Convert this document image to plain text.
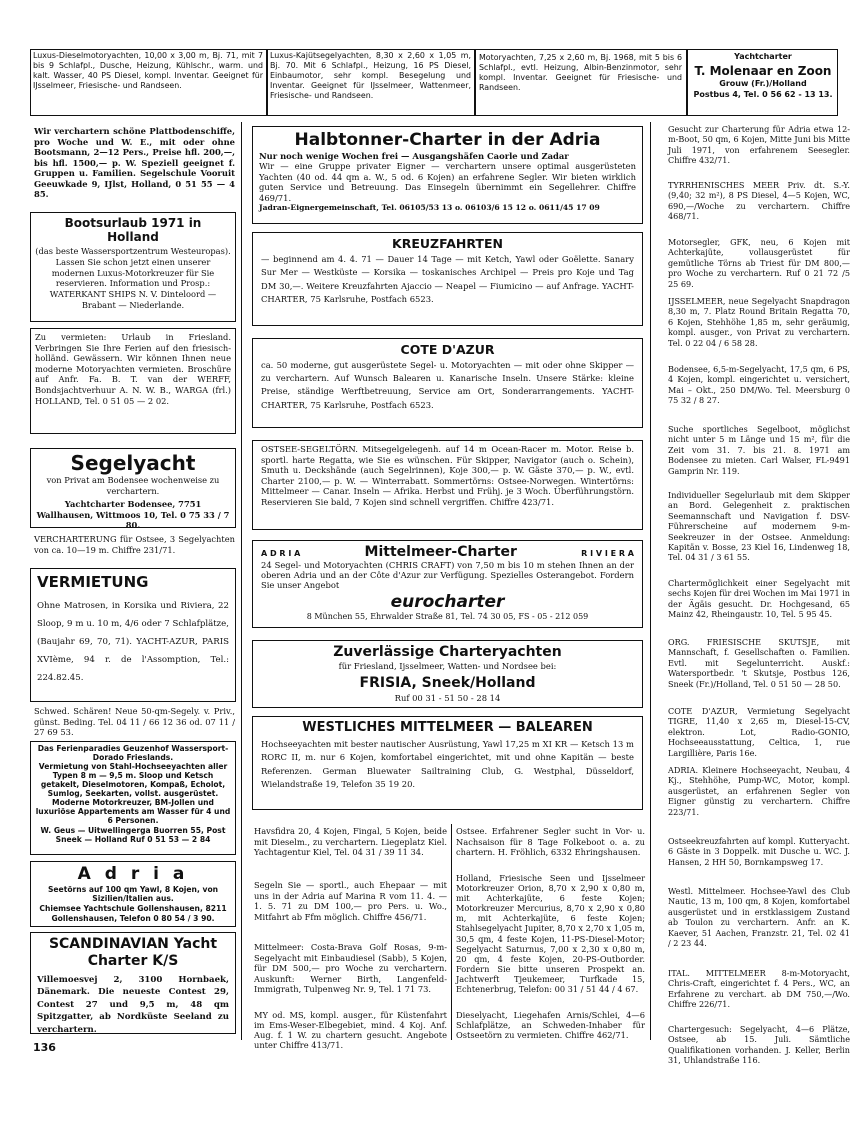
Luxus-Dieselmotoryachten, 10,00 x 3,00 m, Bj. 71, mit 7 bis 9 Schlafpl., Dusche, Heizung, Kühlschr., warm. und kalt. Wasser, 40 PS Diesel, kompl. Inventar. Geeignet für IJsselmeer, Friesische- und Randseen.
Luxus-Kajütsegelyachten, 8,30 x 2,60 x 1,05 m, Bj. 70. Mit 6 Schlafpl., Heizung, 16 PS Diesel, Einbaumotor, sehr kompl. Besegelung und Inventar. Geeignet für IJsselmeer, Wattenmeer, Friesische- und Randseen.
Motoryachten, 7,25 x 2,60 m, Bj. 1968, mit 5 bis 6 Schlafpl., evtl. Heizung, Albin-Benzinmotor, sehr kompl. Inventar. Geeignet für Friesische- und Randseen.
Yachtcharter
T. Molenaar en Zoon
Grouw (Fr.)/Holland
Postbus 4, Tel. 0 56 62 - 13 13.
Wir verchartern schöne Plattbodenschiffe, pro Woche und W. E., mit oder ohne Bootsmann, 2—12 Pers., Preise hfl. 200,—, bis hfl. 1500,— p. W. Speziell geeignet f. Gruppen u. Familien. Segelschule Vooruit Geeuwkade 9, IJlst, Holland, 0 51 55 — 4 85.
Bootsurlaub 1971 in Holland
(das beste Wassersportzentrum Westeuropas). Lassen Sie schon jetzt einen unserer modernen Luxus-Motorkreuzer für Sie reservieren. Information und Prosp.: WATERKANT SHIPS N. V. Dinteloord — Brabant — Niederlande.
Zu vermieten: Urlaub in Friesland. Verbringen Sie Ihre Ferien auf den friesisch-holländ. Gewässern. Wir können Ihnen neue moderne Motoryachten vermieten. Broschüre auf Anfr. Fa. B. T. van der WERFF, Bondsjachtverhuur A. N. W. B., WARGA (frl.) HOLLAND, Tel. 0 51 05 — 2 02.
Segelyacht
von Privat am Bodensee wochenweise zu verchartern.
Yachtcharter Bodensee, 7751 Wallhausen, Wittmoos 10, Tel. 0 75 33 / 7 80.
VERCHARTERUNG für Ostsee, 3 Segelyachten von ca. 10—19 m. Chiffre 231/71.
VERMIETUNG
Ohne Matrosen, in Korsika und Riviera, 22 Sloop, 9 m u. 10 m, 4/6 oder 7 Schlafplätze, (Baujahr 69, 70, 71). YACHT-AZUR, PARIS XVIème, 94 r. de l'Assomption, Tel.: 224.82.45.
Schwed. Schären! Neue 50-qm-Segely. v. Priv., günst. Beding. Tel. 04 11 / 66 12 36 od. 07 11 / 27 69 53.
Das Ferienparadies Geuzenhof Wassersport-Dorado Frieslands.
Vermietung von Stahl-Hochseeyachten aller Typen 8 m — 9,5 m. Sloop und Ketsch getakelt, Dieselmotoren, Kompaß, Echolot, Sumlog, Seekarten, vollst. ausgerüstet. Moderne Motorkreuzer, BM-Jollen und luxuriöse Appartements am Wasser für 4 und 6 Personen.
W. Geus — Uitwellingerga Buorren 55, Post Sneek — Holland Ruf 0 51 53 — 2 84
A d r i a
Seetörns auf 100 qm Yawl, 8 Kojen, von Sizilien/Italien aus.
Chiemsee Yachtschule Gollenshausen, 8211 Gollenshausen, Telefon 0 80 54 / 3 90.
SCANDINAVIAN Yacht Charter K/S
Villemoesvej 2, 3100 Hornbaek, Dänemark. Die neueste Contest 29, Contest 27 und 9,5 m, 48 qm Spitzgatter, ab Nordküste Seeland zu verchartern.
136
Halbtonner-Charter in der Adria
Nur noch wenige Wochen frei — Ausgangshäfen Caorle und Zadar
Wir — eine Gruppe privater Eigner — verchartern unsere optimal ausgerüsteten Yachten (40 od. 44 qm a. W., 5 od. 6 Kojen) an erfahrene Segler. Wir bieten wirklich guten Service und Betreuung. Das Einsegeln übernimmt ein Segellehrer. Chiffre 469/71.
Jadran-Eignergemeinschaft, Tel. 06105/53 13 o. 06103/6 15 12 o. 0611/45 17 09
KREUZFAHRTEN
— beginnend am 4. 4. 71 — Dauer 14 Tage — mit Ketch, Yawl oder Goëlette. Sanary Sur Mer — Westküste — Korsika — toskanisches Archipel — Preis pro Koje und Tag DM 30,—. Weitere Kreuzfahrten Ajaccio — Neapel — Fiumicino — auf Anfrage. YACHT-CHARTER, 75 Karlsruhe, Postfach 6523.
COTE D'AZUR
ca. 50 moderne, gut ausgerüstete Segel- u. Motoryachten — mit oder ohne Skipper — zu verchartern. Auf Wunsch Balearen u. Kanarische Inseln. Unsere Stärke: kleine Preise, ständige Werftbetreuung, Service am Ort, Sonderarrangements. YACHT-CHARTER, 75 Karlsruhe, Postfach 6523.
OSTSEE-SEGELTÖRN. Mitsegelgelegenh. auf 14 m Ocean-Racer m. Motor. Reise b. sportl. harte Regatta, wie Sie es wünschen. Für Skipper, Navigator (auch o. Schein), Smuth u. Deckshände (auch Segelrinnen), Koje 300,— p. W. Gäste 370,— p. W., evtl. Charter 2100,— p. W. — Winterrabatt. Sommertörns: Ostsee-Norwegen. Wintertörns: Mittelmeer — Canar. Inseln — Afrika. Herbst und Frühj. je 3 Woch. Überführungstörn. Reservieren Sie bald, 7 Kojen sind schnell vergriffen. Chiffre 423/71.
A D R I A	Mittelmeer-Charter	R I V I E R A
24 Segel- und Motoryachten (CHRIS CRAFT) von 7,50 m bis 10 m stehen Ihnen an der oberen Adria und an der Côte d'Azur zur Verfügung. Spezielles Osterangebot. Fordern Sie unser Angebot
eurocharter
8 München 55, Ehrwalder Straße 81, Tel. 74 30 05, FS - 05 - 212 059
Zuverlässige Charteryachten
für Friesland, Ijsselmeer, Watten- und Nordsee bei:
FRISIA, Sneek/Holland
Ruf 00 31 - 51 50 - 28 14
WESTLICHES MITTELMEER — BALEAREN
Hochseeyachten mit bester nautischer Ausrüstung, Yawl 17,25 m XI KR — Ketsch 13 m RORC II, m. nur 6 Kojen, komfortabel eingerichtet, mit und ohne Kapitän — beste Referenzen. German Bluewater Sailtraining Club, G. Westphal, Düsseldorf, Wielandstraße 19, Telefon 35 19 20.
Havsfidra 20, 4 Kojen, Fingal, 5 Kojen, beide mit Dieselm., zu verchartern. Liegeplatz Kiel. Yachtagentur Kiel, Tel. 04 31 / 39 11 34.
Segeln Sie — sportl., auch Ehepaar — mit uns in der Adria auf Marina R vom 11. 4. — 1. 5. 71 zu DM 100,— pro Pers. u. Wo., Mitfahrt ab Ffm möglich. Chiffre 456/71.
Mittelmeer: Costa-Brava Golf Rosas, 9-m-Segelyacht mit Einbaudiesel (Sabb), 5 Kojen, für DM 500,— pro Woche zu verchartern. Auskunft: Werner Birth, Langenfeld-Immigrath, Tulpenweg Nr. 9, Tel. 1 71 73.
MY od. MS, kompl. ausger., für Küstenfahrt im Ems-Weser-Elbegebiet, mind. 4 Koj. Anf. Aug. f. 1 W. zu chartern gesucht. Angebote unter Chiffre 413/71.
Ostsee. Erfahrener Segler sucht in Vor- u. Nachsaison für 8 Tage Folkeboot o. a. zu chartern. H. Fröhlich, 6332 Ehringshausen.
Holland, Friesische Seen und Ijsselmeer Motorkreuzer Orion, 8,70 x 2,90 x 0,80 m, mit Achterkajüte, 6 feste Kojen; Motorkreuzer Mercurius, 8,70 x 2,90 x 0,80 m, mit Achterkajüte, 6 feste Kojen; Stahlsegelyacht Jupiter, 8,70 x 2,70 x 1,05 m, 30,5 qm, 4 feste Kojen, 11-PS-Diesel-Motor; Segelyacht Saturnus, 7,00 x 2,30 x 0,80 m, 20 qm, 4 feste Kojen, 20-PS-Outborder. Fordern Sie bitte unseren Prospekt an. Jachtwerft Tjeukemeer, Turfkade 15, Echtenerbrug, Telefon: 00 31 / 51 44 / 4 67.
Dieselyacht, Liegehafen Arnis/Schlei, 4—6 Schlafplätze, an Schweden-Inhaber für Ostseetörn zu vermieten. Chiffre 462/71.
Gesucht zur Charterung für Adria etwa 12-m-Boot, 50 qm, 6 Kojen, Mitte Juni bis Mitte Juli 1971, von erfahrenem Seesegler. Chiffre 432/71.
TYRRHENISCHES MEER Priv. dt. S.-Y. (9,40; 32 m²), 8 PS Diesel, 4—5 Kojen, WC, 690,—/Woche zu verchartern. Chiffre 468/71.
Motorsegler, GFK, neu, 6 Kojen mit Achterkajüte, vollausgerüstet für gemütliche Törns ab Triest für DM 800,— pro Woche zu verchartern. Ruf 0 21 72 /5 25 69.
IJSSELMEER, neue Segelyacht Snapdragon 8,30 m, 7. Platz Round Britain Regatta 70, 6 Kojen, Stehhöhe 1,85 m, sehr geräumig, kompl. ausger., von Privat zu verchartern. Tel. 0 22 04 / 6 58 28.
Bodensee, 6,5-m-Segelyacht, 17,5 qm, 6 PS, 4 Kojen, kompl. eingerichtet u. versichert, Mai – Okt., 250 DM/Wo. Tel. Meersburg 0 75 32 / 8 27.
Suche sportliches Segelboot, möglichst nicht unter 5 m Länge und 15 m², für die Zeit vom 31. 7. bis 21. 8. 1971 am Bodensee zu mieten. Carl Walser, FL-9491 Gamprin Nr. 119.
Individueller Segelurlaub mit dem Skipper an Bord. Gelegenheit z. praktischen Seemannschaft und Navigation f. DSV-Führerscheine auf modernem 9-m-Seekreuzer in der Ostsee. Anmeldung: Kapitän v. Bosse, 23 Kiel 16, Lindenweg 18, Tel. 04 31 / 3 61 55.
Chartermöglichkeit einer Segelyacht mit sechs Kojen für drei Wochen im Mai 1971 in der Ägäis gesucht. Dr. Hochgesand, 65 Mainz 42, Rheingaustr. 10, Tel. 5 95 45.
ORG. FRIESISCHE SKUTSJE, mit Mannschaft, f. Gesellschaften o. Familien. Evtl. mit Segelunterricht. Auskf.: Watersportbedr. 't Skutsje, Postbus 126, Sneek (Fr.)/Holland, Tel. 0 51 50 — 28 50.
COTE D'AZUR, Vermietung Segelyacht TIGRE, 11,40 x 2,65 m, Diesel-15-CV, elektron. Lot, Radio-GONIO, Hochseeausstattung, Celtica, 1, rue Largillière, Paris 16e.
ADRIA. Kleinere Hochseeyacht, Neubau, 4 Kj., Stehhöhe, Pump-WC, Motor, kompl. ausgerüstet, an erfahrenen Segler von Eigner günstig zu verchartern. Chiffre 223/71.
Ostseekreuzfahrten auf kompl. Kutteryacht. 6 Gäste in 3 Doppelk. mit Dusche u. WC. J. Hansen, 2 HH 50, Bornkampsweg 17.
Westl. Mittelmeer. Hochsee-Yawl des Club Nautic, 13 m, 100 qm, 8 Kojen, komfortabel ausgerüstet und in erstklassigem Zustand ab Toulon zu verchartern. Anfr. an K. Kaever, 51 Aachen, Franzstr. 21, Tel. 02 41 / 2 23 44.
ITAL. MITTELMEER 8-m-Motoryacht, Chris-Craft, eingerichtet f. 4 Pers., WC, an Erfahrene zu verchart. ab DM 750,—/Wo. Chiffre 226/71.
Chartergesuch: Segelyacht, 4—6 Plätze, Ostsee, ab 15. Juli. Sämtliche Qualifikationen vorhanden. J. Keller, Berlin 31, Uhlandstraße 116.
